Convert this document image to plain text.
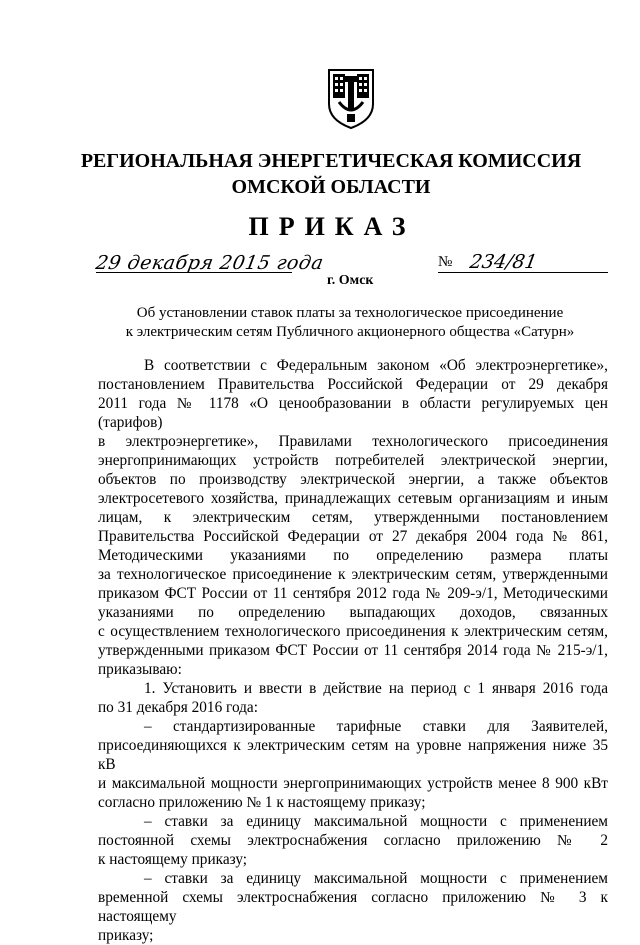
РЕГИОНАЛЬНАЯ ЭНЕРГЕТИЧЕСКАЯ КОМИССИЯ
ОМСКОЙ ОБЛАСТИ
ПРИКАЗ
29 декабря 2015 года
г. Омск
№ 234/81
Об установлении ставок платы за технологическое присоединение
к электрическим сетям Публичного акционерного общества «Сатурн»

В соответствии с Федеральным законом «Об электроэнергетике»,

постановлением Правительства Российской Федерации от 29 декабря

2011 года № 1178 «О ценообразовании в области регулируемых цен (тарифов)

в электроэнергетике», Правилами технологического присоединения

энергопринимающих устройств потребителей электрической энергии,

объектов по производству электрической энергии, а также объектов

электросетевого хозяйства, принадлежащих сетевым организациям и иным

лицам, к электрическим сетям, утвержденными постановлением

Правительства Российской Федерации от 27 декабря 2004 года № 861,

Методическими указаниями по определению размера платы

за технологическое присоединение к электрическим сетям, утвержденными

приказом ФСТ России от 11 сентября 2012 года № 209-э/1, Методическими

указаниями по определению выпадающих доходов, связанных

с осуществлением технологического присоединения к электрическим сетям,

утвержденными приказом ФСТ России от 11 сентября 2014 года № 215-э/1,

приказываю:

1. Установить и ввести в действие на период с 1 января 2016 года

по 31 декабря 2016 года:

– стандартизированные тарифные ставки для Заявителей,

присоединяющихся к электрическим сетям на уровне напряжения ниже 35 кВ

и максимальной мощности энергопринимающих устройств менее 8 900 кВт

согласно приложению № 1 к настоящему приказу;

– ставки за единицу максимальной мощности с применением

постоянной схемы электроснабжения согласно приложению № 2

к настоящему приказу;

– ставки за единицу максимальной мощности с применением

временной схемы электроснабжения согласно приложению № 3 к настоящему

приказу;
